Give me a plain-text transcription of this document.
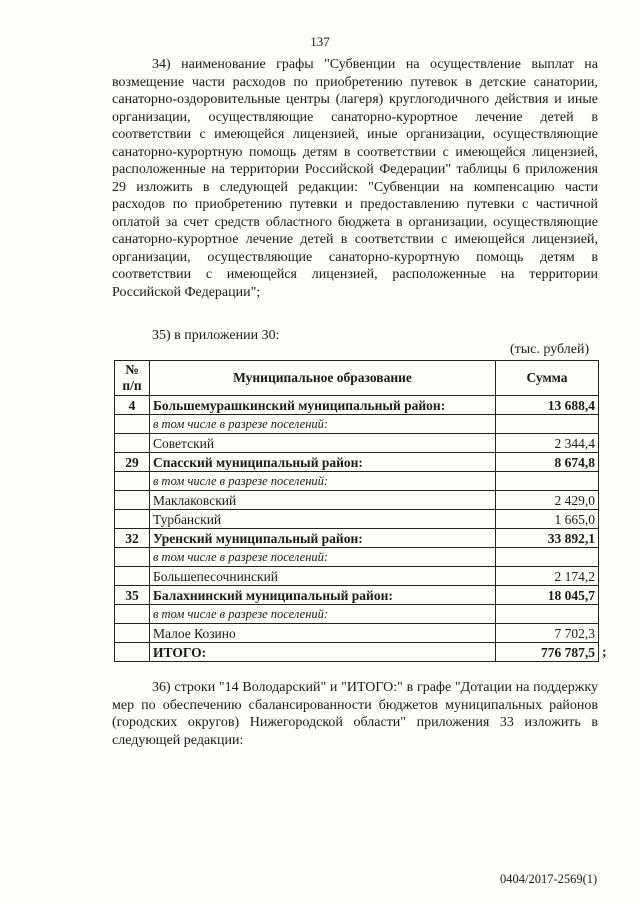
137

34) наименование графы "Субвенции на осуществление выплат на возмещение части расходов по приобретению путевок в детские санатории, санаторно-оздоровительные центры (лагеря) круглогодичного действия и иные организации, осуществляющие санаторно-курортное лечение детей в соответствии с имеющейся лицензией, иные организации, осуществляющие санаторно-курортную помощь детям в соответствии с имеющейся лицензией, расположенные на территории Российской Федерации" таблицы 6 приложения 29 изложить в следующей редакции: "Субвенции на компенсацию части расходов по приобретению путевки и предоставлению путевки с частичной оплатой за счет средств областного бюджета в организации, осуществляющие санаторно-курортное лечение детей в соответствии с имеющейся лицензией, организации, осуществляющие санаторно-курортную помощь детям в соответствии с имеющейся лицензией, расположенные на территории Российской Федерации";

35) в приложении 30:
(тыс. рублей)
№ п/п	Муниципальное образование	Сумма
4	Большемурашкинский муниципальный район:	13 688,4
	в том числе в разрезе поселений:	
	Советский	2 344,4
29	Спасский муниципальный район:	8 674,8
	в том числе в разрезе поселений:	
	Маклаковский	2 429,0
	Турбанский	1 665,0
32	Уренский муниципальный район:	33 892,1
	в том числе в разрезе поселений:	
	Большепесочнинский	2 174,2
35	Балахнинский муниципальный район:	18 045,7
	в том числе в разрезе поселений:	
	Малое Козино	7 702,3
	ИТОГО:	776 787,5 ;

36) строки "14 Володарский" и "ИТОГО:" в графе "Дотации на поддержку мер по обеспечению сбалансированности бюджетов муниципальных районов (городских округов) Нижегородской области" приложения 33 изложить в следующей редакции:

0404/2017-2569(1)
